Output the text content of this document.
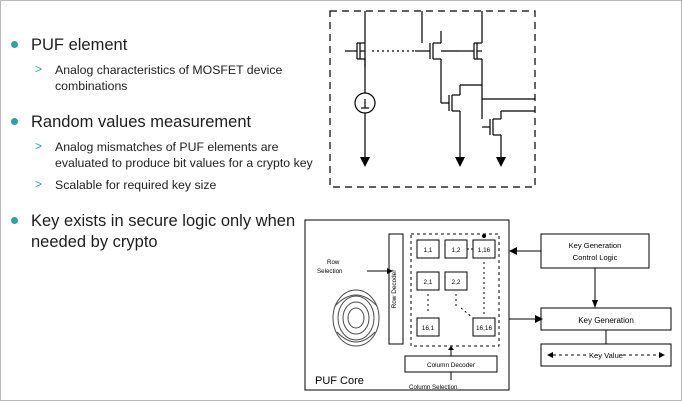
PUF element
> Analog characteristics of MOSFET device combinations
Random values measurement
> Analog mismatches of PUF elements are evaluated to produce bit values for a crypto key
> Scalable for required key size
Key exists in secure logic only when needed by crypto
Row Decoder
1,1	1,2	1,16
2,1	2,2
16,1	16,16
Column Decoder
Key Generation
Control Logic
Key Generation
Key Value
Row
Selection
Column Selection
PUF Core
